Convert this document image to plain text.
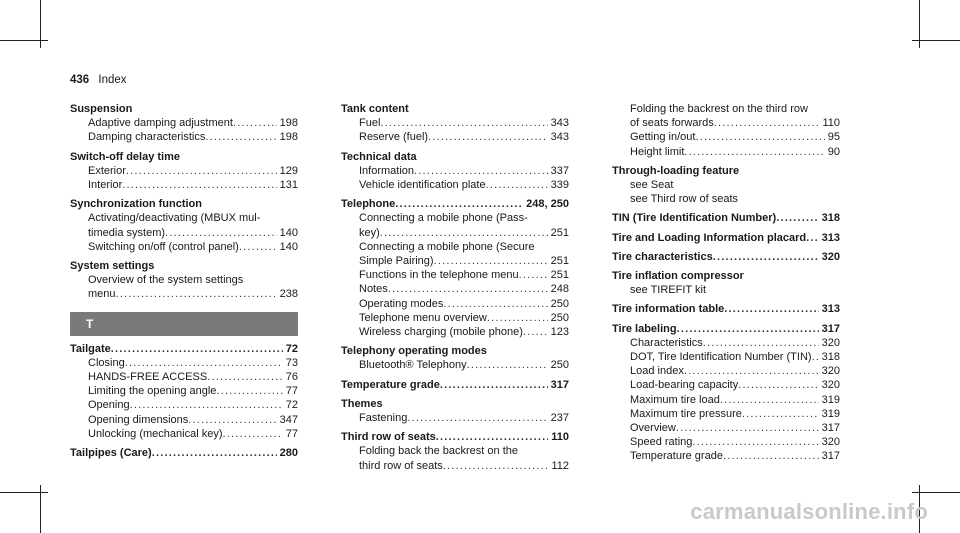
436 Index
Suspension
Adaptive damping adjustment .....	198
Damping characteristics .....	198
Switch-off delay time
Exterior .....	129
Interior .....	131
Synchronization function
Activating/deactivating (MBUX mul-
timedia system) .....	140
Switching on/off (control panel) .....	140
System settings
Overview of the system settings
menu .....	238
T
Tailgate .....	72
Closing .....	73
HANDS-FREE ACCESS .....	76
Limiting the opening angle .....	77
Opening .....	72
Opening dimensions .....	347
Unlocking (mechanical key) .....	77
Tailpipes (Care) .....	280
Tank content
Fuel .....	343
Reserve (fuel) .....	343
Technical data
Information .....	337
Vehicle identification plate .....	339
Telephone .....	248, 250
Connecting a mobile phone (Pass-
key) .....	251
Connecting a mobile phone (Secure
Simple Pairing) .....	251
Functions in the telephone menu .....	251
Notes .....	248
Operating modes .....	250
Telephone menu overview .....	250
Wireless charging (mobile phone) .....	123
Telephony operating modes
Bluetooth® Telephony .....	250
Temperature grade .....	317
Themes
Fastening .....	237
Third row of seats .....	110
Folding back the backrest on the
third row of seats .....	112
Folding the backrest on the third row
of seats forwards .....	110
Getting in/out .....	95
Height limit .....	90
Through-loading feature
see Seat
see Third row of seats
TIN (Tire Identification Number) .....	318
Tire and Loading Information placard ..... 313
Tire characteristics .....	320
Tire inflation compressor
see TIREFIT kit
Tire information table .....	313
Tire labeling .....	317
Characteristics .....	320
DOT, Tire Identification Number (TIN) ..... 318
Load index .....	320
Load-bearing capacity .....	320
Maximum tire load .....	319
Maximum tire pressure .....	319
Overview .....	317
Speed rating .....	320
Temperature grade .....	317
carmanualsonline.info
